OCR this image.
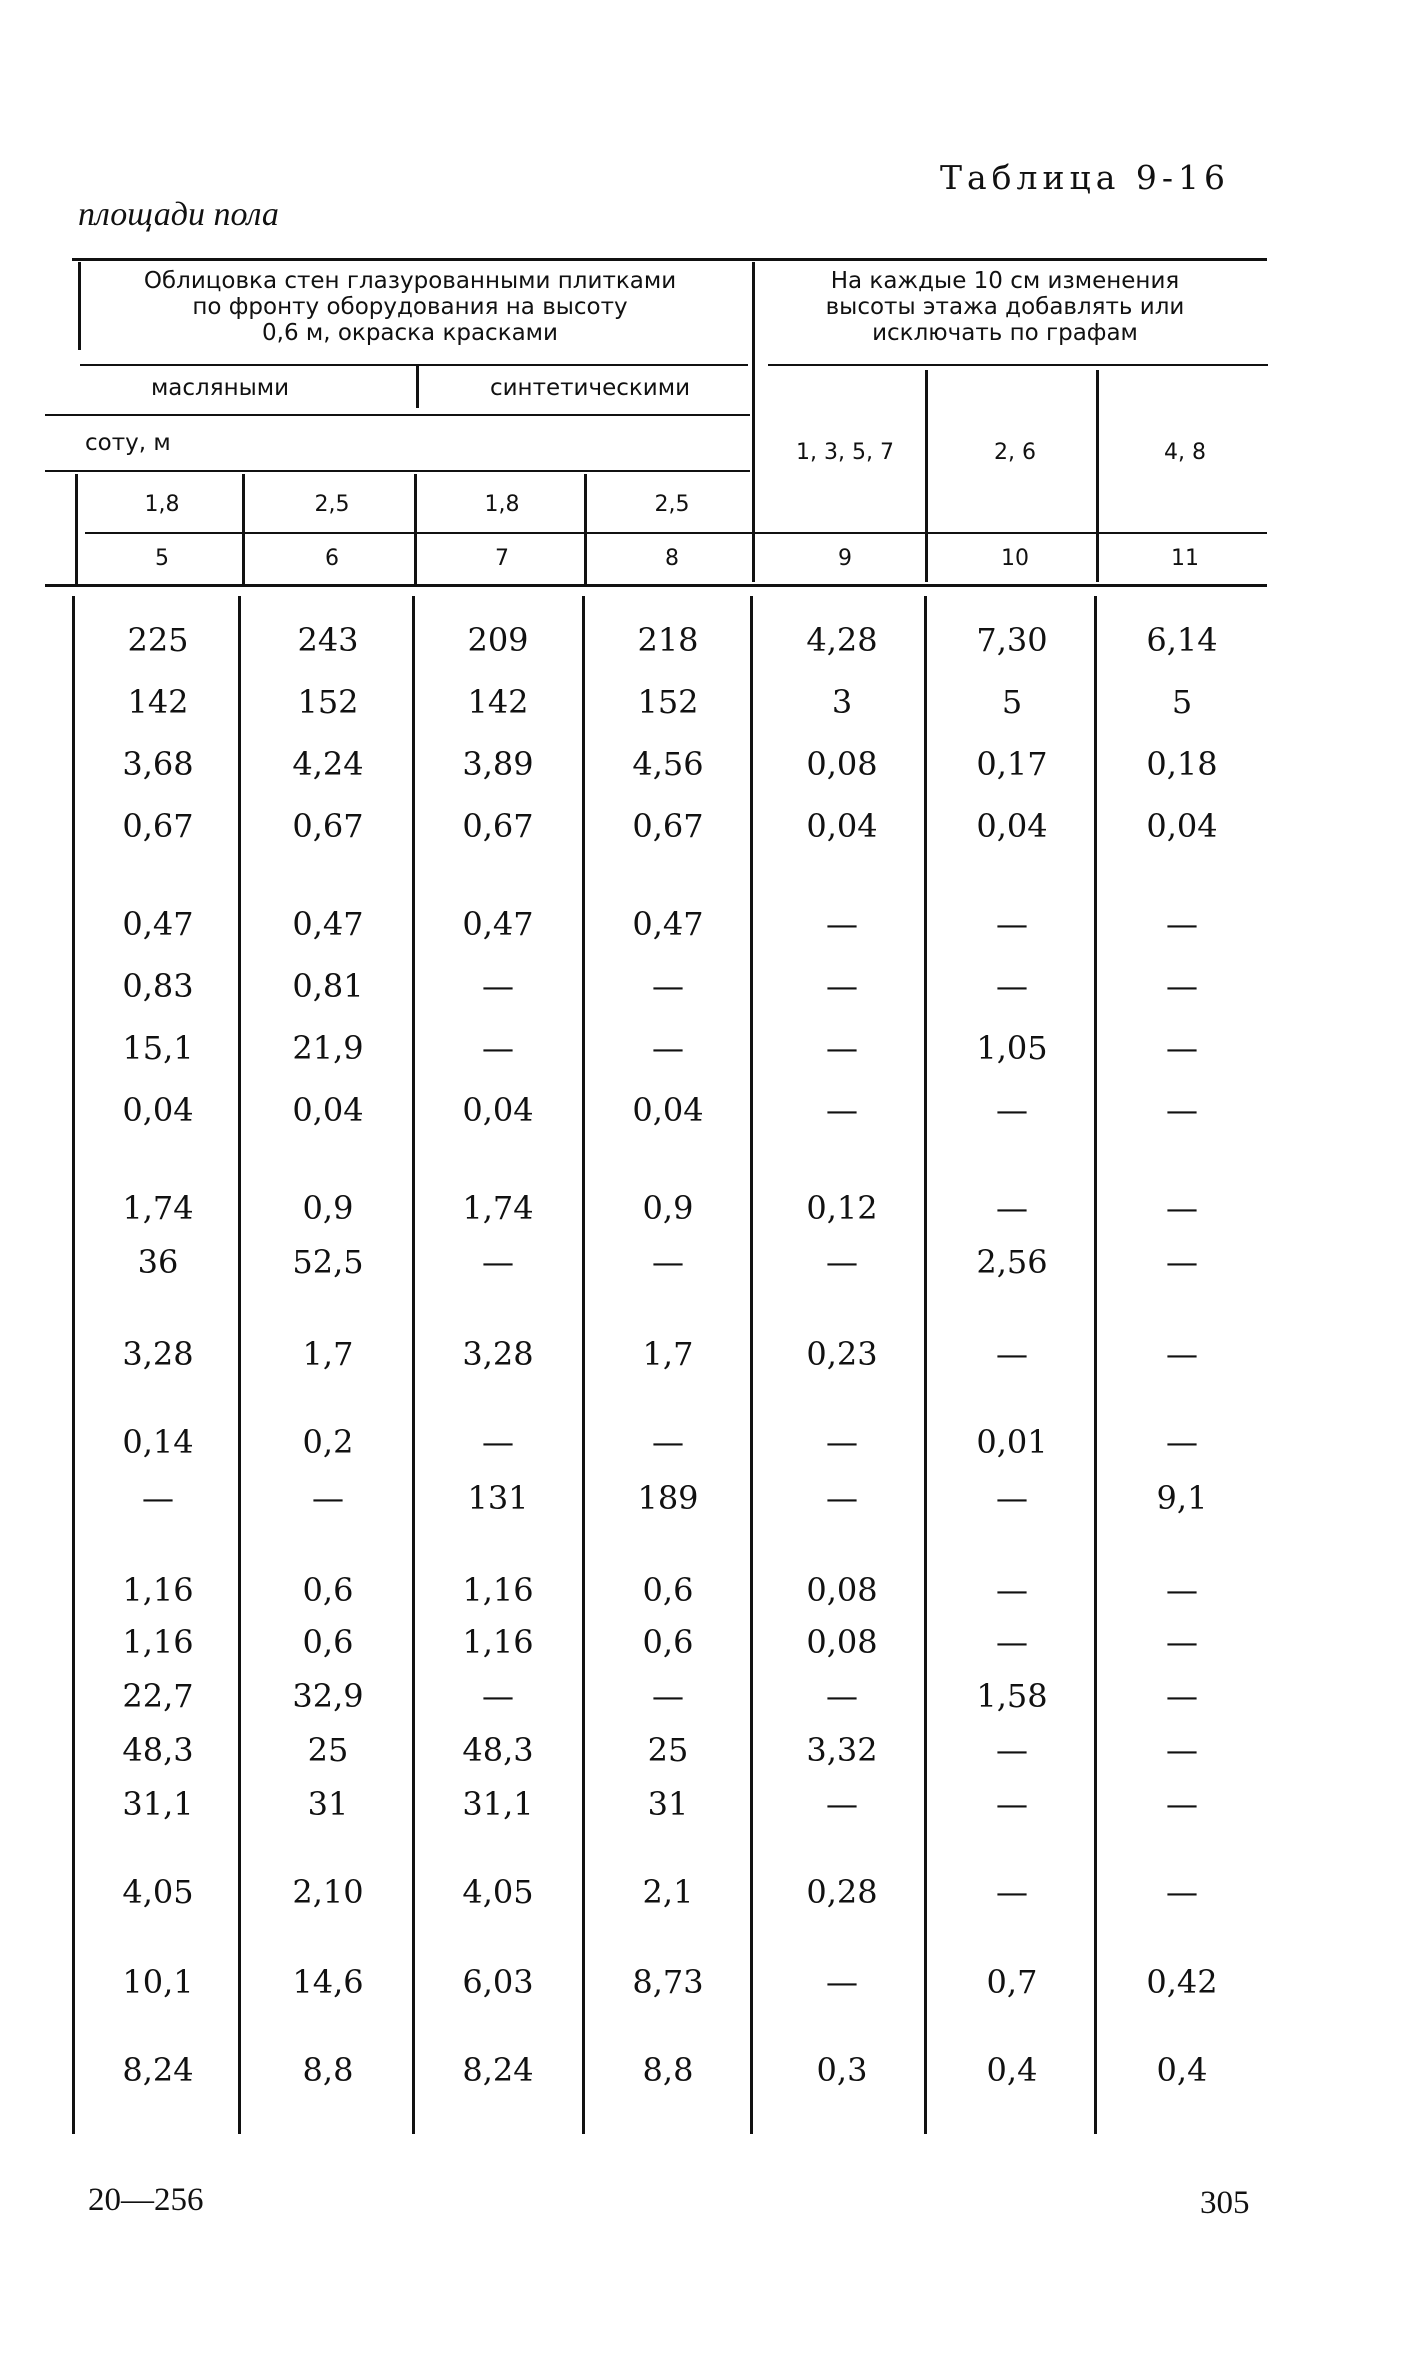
Таблица 9-16
площади пола
Облицовка стен глазурованными плитками
по фронту оборудования на высоту
0,6 м, окраска красками
На каждые 10 см изменения
высоты этажа добавлять или
исключать по графам
масляными	синтетическими
соту, м	1, 3, 5, 7	2, 6	4, 8
1,8	2,5	1,8	2,5
5	6	7	8	9	10	11
225	243	209	218	4,28	7,30	6,14
142	152	142	152	3	5	5
3,68	4,24	3,89	4,56	0,08	0,17	0,18
0,67	0,67	0,67	0,67	0,04	0,04	0,04
0,47	0,47	0,47	0,47	—	—	—
0,83	0,81	—	—	—	—	—
15,1	21,9	—	—	—	1,05	—
0,04	0,04	0,04	0,04	—	—	—
1,74	0,9	1,74	0,9	0,12	—	—
36	52,5	—	—	—	2,56	—
3,28	1,7	3,28	1,7	0,23	—	—
0,14	0,2	—	—	—	0,01	—
—	—	131	189	—	—	9,1
1,16	0,6	1,16	0,6	0,08	—	—
1,16	0,6	1,16	0,6	0,08	—	—
22,7	32,9	—	—	—	1,58	—
48,3	25	48,3	25	3,32	—	—
31,1	31	31,1	31	—	—	—
4,05	2,10	4,05	2,1	0,28	—	—
10,1	14,6	6,03	8,73	—	0,7	0,42
8,24	8,8	8,24	8,8	0,3	0,4	0,4
20—256	305
